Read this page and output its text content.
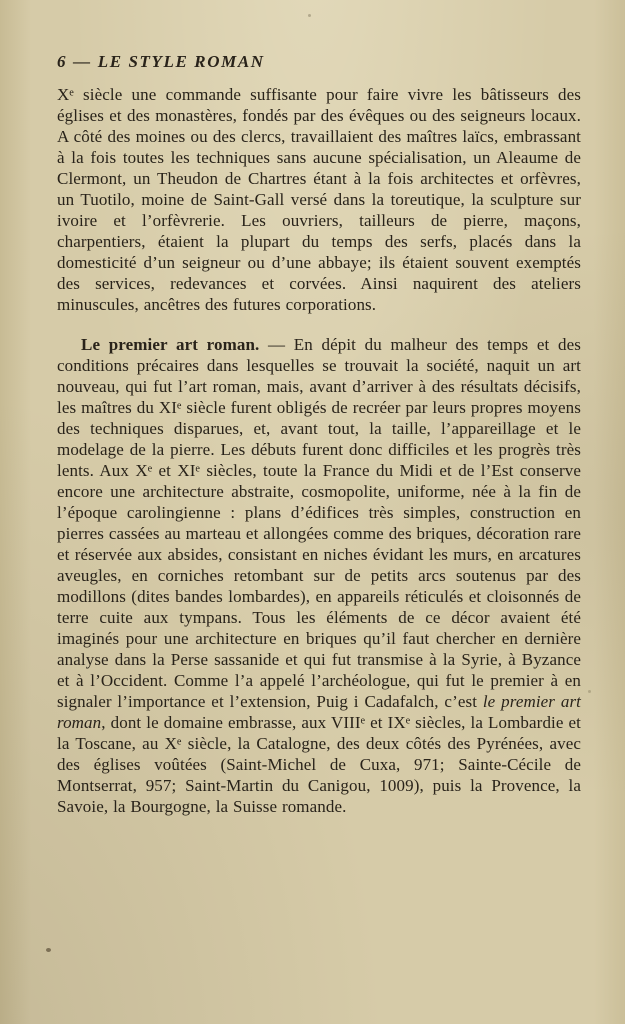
6 — LE STYLE ROMAN

Xᵉ siècle une commande suffisante pour faire vivre les bâtisseurs des églises et des monastères, fondés par des évêques ou des seigneurs locaux. A côté des moines ou des clercs, travaillaient des maîtres laïcs, embrassant à la fois toutes les techniques sans aucune spécialisation, un Aleaume de Clermont, un Theudon de Chartres étant à la fois architectes et orfèvres, un Tuotilo, moine de Saint-Gall versé dans la toreutique, la sculpture sur ivoire et l’orfèvrerie. Les ouvriers, tailleurs de pierre, maçons, charpentiers, étaient la plupart du temps des serfs, placés dans la domesticité d’un seigneur ou d’une abbaye; ils étaient souvent exemptés des services, redevances et corvées. Ainsi naquirent des ateliers minuscules, ancêtres des futures corporations.

Le premier art roman. — En dépit du malheur des temps et des conditions précaires dans lesquelles se trouvait la société, naquit un art nouveau, qui fut l’art roman, mais, avant d’arriver à des résultats décisifs, les maîtres du XIᵉ siècle furent obligés de recréer par leurs propres moyens des techniques disparues, et, avant tout, la taille, l’appareillage et le modelage de la pierre. Les débuts furent donc difficiles et les progrès très lents. Aux Xᵉ et XIᵉ siècles, toute la France du Midi et de l’Est conserve encore une architecture abstraite, cosmopolite, uniforme, née à la fin de l’époque carolingienne : plans d’édifices très simples, construction en pierres cassées au marteau et allongées comme des briques, décoration rare et réservée aux absides, consistant en niches évidant les murs, en arcatures aveugles, en corniches retombant sur de petits arcs soutenus par des modillons (dites bandes lombardes), en appareils réticulés et cloisonnés de terre cuite aux tympans. Tous les éléments de ce décor avaient été imaginés pour une architecture en briques qu’il faut chercher en dernière analyse dans la Perse sassanide et qui fut transmise à la Syrie, à Byzance et à l’Occident. Comme l’a appelé l’archéologue, qui fut le premier à en signaler l’importance et l’extension, Puig i Cadafalch, c’est le premier art roman, dont le domaine embrasse, aux VIIIᵉ et IXᵉ siècles, la Lombardie et la Toscane, au Xᵉ siècle, la Catalogne, des deux côtés des Pyrénées, avec des églises voûtées (Saint-Michel de Cuxa, 971; Sainte-Cécile de Montserrat, 957; Saint-Martin du Canigou, 1009), puis la Provence, la Savoie, la Bourgogne, la Suisse romande.
